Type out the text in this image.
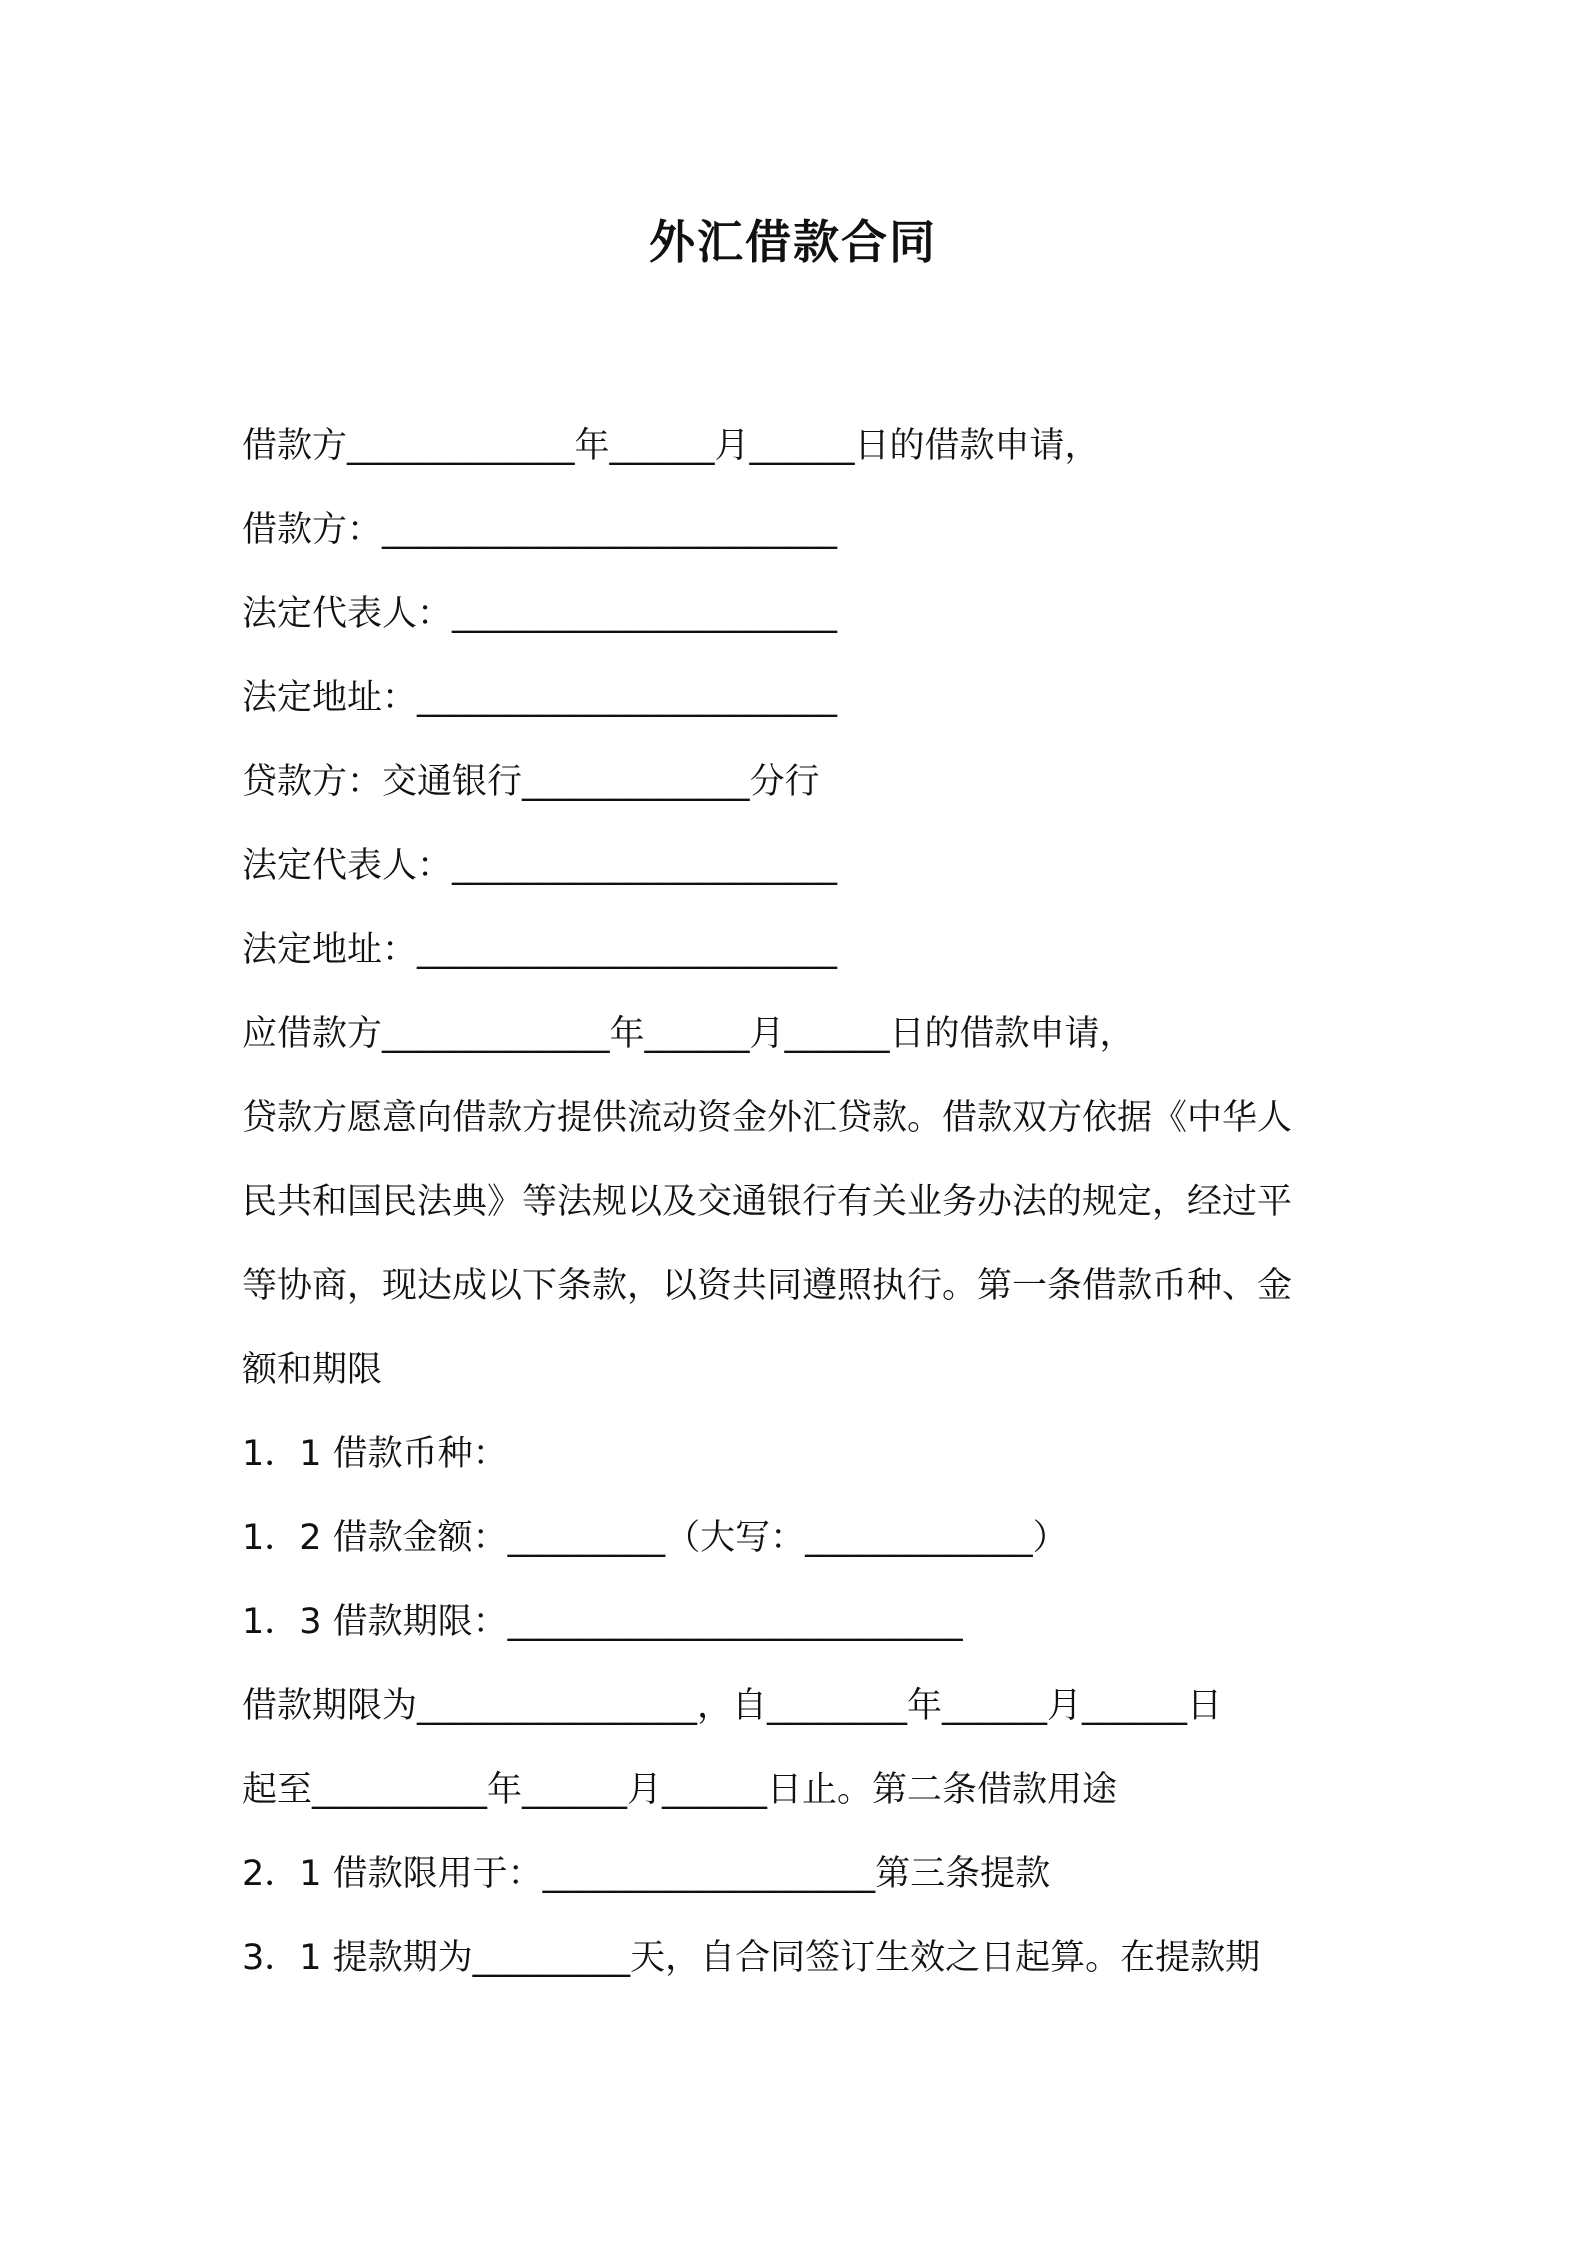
外汇借款合同
借款方_____________年______月______日的借款申请，
借款方：__________________________
法定代表人：______________________
法定地址：________________________
贷款方：交通银行_____________分行
法定代表人：______________________
法定地址：________________________
应借款方_____________年______月______日的借款申请，
贷款方愿意向借款方提供流动资金外汇贷款。借款双方依据《中华人
民共和国民法典》等法规以及交通银行有关业务办法的规定，经过平
等协商，现达成以下条款，以资共同遵照执行。第一条借款币种、金
额和期限
1．1 借款币种：
1．2 借款金额：_________（大写：_____________）
1．3 借款期限：__________________________
借款期限为________________，自________年______月______日
起至__________年______月______日止。第二条借款用途
2．1 借款限用于：___________________第三条提款
3．1 提款期为_________天，自合同签订生效之日起算。在提款期
